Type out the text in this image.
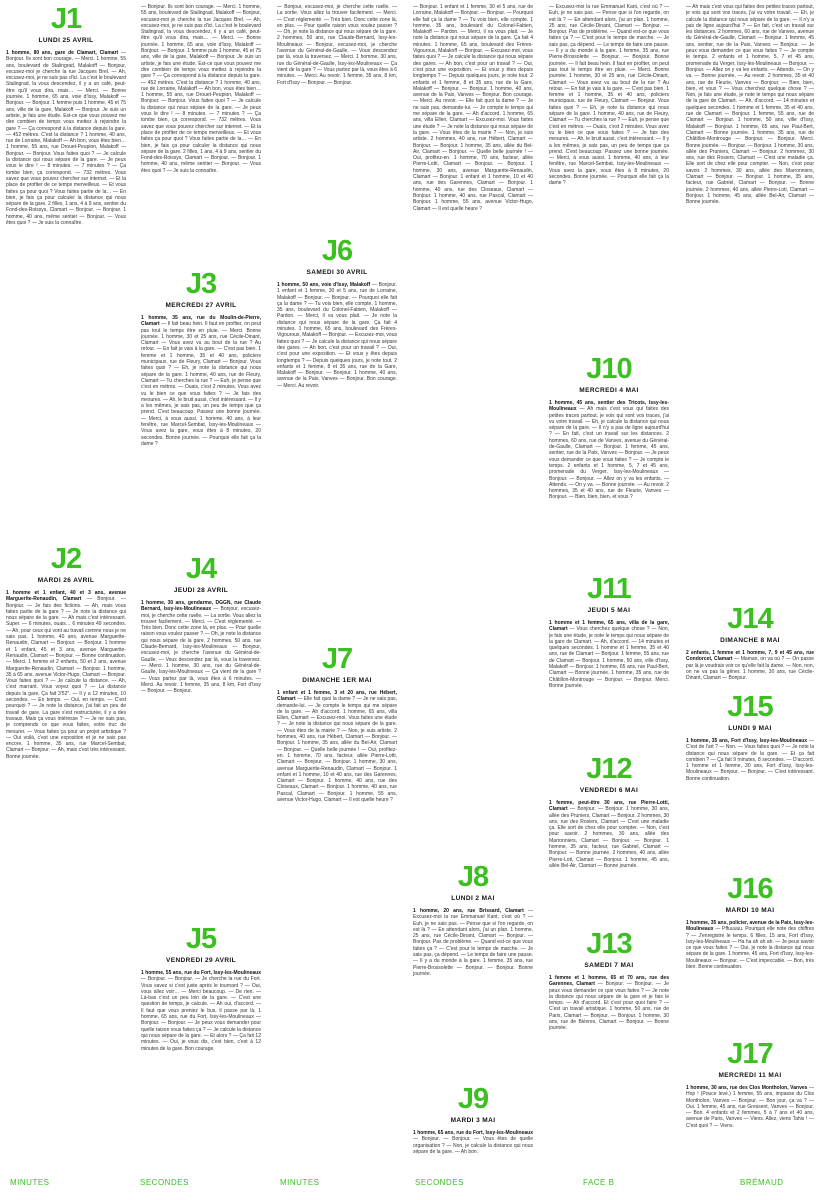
J1
LUNDI 25 AVRIL
1 homme, 80 ans, gare de Clamart, Clamart — Bonjour. Ils sont bon courage. — Merci. 1 homme, 55 ans, boulevard de Stalingrad, Malakoff — Bonjour, excusez-moi je cherche la rue Jacques Brel. — Ah, excusez-moi, je ne suis pas d'ici. La c'est le boulevard Stalingrad, la vous descendez, il y a un café, peut-être qu'il vous dira, mais… — Merci. — Bonne journée. 1 homme, 65 ans, voie d'Issy, Malakoff — Bonjour. — Bonjour. 1 femme puis 1 homme, 45 et 75 ans, ville de la gare, Malakoff — Bonjour. Je suis un artiste, je fais une étude. Est-ce que vous pouvez me dire combien de temps vous mettez à rejoindre la gare ? — Ça correspond à la distance depuis la gare. — 452 mètres. C'est la distance ? 1 homme, 40 ans, rue de Lorraine, Malakoff — Ah bon, vous êtes bien… 1 homme, 55 ans, rue Drouet-Peupion, Malakoff — Bonjour. — Bonjour. Vous faites quoi ? — Je calcule la distance qui nous sépare de la gare. — Je peux vous le dire ! — 8 minutes. — 7 minutes ? — Ça tombe bien, ça correspond. — 732 mètres. Vous savez que vous pouvez chercher sur internet. — Et la place de profiter de ce temps merveilleux. — Et vous faites ça pour quoi ? Vous faites partie de la… — En bien, je fais ça pour calculer la distance qui nous sépare de la gare. 2 filles, 1 ans, 4 à 9 ans, sentier du Fond-des-Roissys, Clamart — Bonjour. — Bonjour. 1 homme, 40 ans, même sentier — Bonjour. — Vous êtes quoi ? — Je suis la connaître.
J2
MARDI 26 AVRIL
1 homme et 1 enfant, 40 et 3 ans, avenue Marguerite-Renaudin, Clamart — Bonjour. — Bonjour. — Je fais des fictions. — Ah, mais vous faites partie de la gare ? — Je note la distance qui nous sépare de la gare. — Ah mais c'est intéressant. Super. — 6 minutes, ouais… 6 minutes 49 secondes. — Ah, pour ceux qui vont au travail comme nous je ne sais pas. 1 homme, 40 ans, avenue Marguerite-Renaudin, Clamart — Bonjour. — Bonjour. 1 homme et 1 enfant, 45 et 3 ans, avenue Marguerite-Renaudin, Clamart — Bonjour. — Bonne continuation. — Merci. 1 femme et 2 enfants, 50 et 2 ans, avenue Marguerite-Renaudin, Clamart — Bonjour. 1 homme, 35 à 65 ans, avenue Victor-Hugo, Clamart — Bonjour. Vous faites quoi ? — Je calcule la distance. — Ah, c'est marrant. Vous voyez quoi ? — La distance depuis la gare. Ça fait 3'52''. — Il y a 12 minutes, 10 secondes. — En temps. — Oui, en temps. — C'est pourquoi ? — Je note la distance, j'ai fait un peu de travail de gare. La gare s'est restructurée, il y a des travaux. Mais ça vous intéresse ? — Je ne sais pas, je comprends ce que vous faites, votre truc de mesurer. — Vous faites ça pour un projet artistique ? — Oui voilà, c'est une exposition et je ne sais pas encore. 1 homme, 35 ans, rue Marcel-Sembat, Clamart — Bonjour. — Ah, mais c'est très intéressant. Bonne journée.
— Bonjour. Ils sont bon courage. — Merci. 1 homme, 55 ans, boulevard de Stalingrad, Malakoff — Bonjour, excusez-moi je cherche la rue Jacques Brel. — Ah, excusez-moi, je ne suis pas d'ici. La c'est le boulevard Stalingrad, la vous descendez, il y a un café, peut-être qu'il vous dira, mais… — Merci. — Bonne journée. 1 homme, 65 ans, voie d'Issy, Malakoff — Bonjour. — Bonjour. 1 femme puis 1 homme, 45 et 75 ans, ville de la gare, Malakoff — Bonjour. Je suis un artiste, je fais une étude. Est-ce que vous pouvez me dire combien de temps vous mettez à rejoindre la gare ? — Ça correspond à la distance depuis la gare. — 452 mètres. C'est la distance ? 1 homme, 40 ans, rue de Lorraine, Malakoff — Ah bon, vous êtes bien… 1 homme, 55 ans, rue Drouet-Peupion, Malakoff — Bonjour. — Bonjour. Vous faites quoi ? — Je calcule la distance qui nous sépare de la gare. — Je peux vous le dire ! — 8 minutes. — 7 minutes ? — Ça tombe bien, ça correspond. — 732 mètres. Vous savez que vous pouvez chercher sur internet. — Et la place de profiter de ce temps merveilleux. — Et vous faites ça pour quoi ? Vous faites partie de la… — En bien, je fais ça pour calculer la distance qui nous sépare de la gare. 2 filles, 1 ans, 4 à 9 ans, sentier du Fond-des-Roissys, Clamart — Bonjour. — Bonjour. 1 homme, 40 ans, même sentier — Bonjour. — Vous êtes quoi ? — Je suis la connaître.
J3
MERCREDI 27 AVRIL
1 homme, 35 ans, rue du Moulin-de-Pierre, Clamart — Il fait beau hein. Il faut en profiter, on peut pas tout le temps être en pluie. — Merci. Bonne journée. 1 homme, 30 et 25 ans, rue Cécile-Dinant, Clamart — Vous avez vu au bout de la rue ? Au retour. — En fait je vais à la gare. — C'est pas bien. 1 femme et 1 homme, 35 et 40 ans, policiers municipaux, rue de Fleury, Clamart — Bonjour. Vous faites quoi ? — Eh, je note la distance qui nous sépare de la gare. 1 homme, 40 ans, rue de Fleury, Clamart — Tu cherches la rue ? — Euh, je pense que c'est en mètres. — Ouais, c'est 2 minutes. Vous avez vu le bien ce que vous faites ? — Je fais des mesures. — Ah, le bruit aussi, c'est intéressant. — Il y a les mêmes, je sais pas, un peu de temps que ça prend. C'est beaucoup. Passez une bonne journée. — Merci, à vous aussi. 1 homme, 40 ans, à leur fenêtre, rue Marcel-Sembat, Issy-les-Moulineaux — Vous avez la gare, vous êtes à 8 minutes, 20 secondes. Bonne journée. — Pourquoi elle fait ça la dame ?
J4
JEUDI 28 AVRIL
1 homme, 30 ans, gendarme, DGGN, rue Claude Bernard, Issy-les-Moulineaux — Bonjour, excusez-moi, je cherche cette ruelle. — La sortie. Vous allez la trouver facilement. — Merci. — C'est réglementé. — Très bien. Donc cette zone là, en plus. — Pour quelle raison vous voulez passer ? — Oh, je note la distance qui nous sépare de la gare. 2 hommes, 50 ans, rue Claude-Bernard, Issy-les-Moulineaux — Bonjour, excusez-moi, je cherche l'avenue du Général-de-Gaulle. — Vous descendez par là, vous la traversez. — Merci. 1 homme, 30 ans, rue du Général-de-Gaulle, Issy-les-Moulineaux — Ça vient de la gare ? — Vous partez par là, vous êtes à 6 minutes. — Merci. Au revoir. 1 femme, 35 ans, 8 km, Fort d'Issy — Bonjour. — Bonjour.
J5
VENDREDI 29 AVRIL
1 homme, 55 ans, rue du Fort, Issy-les-Moulineaux — Bonjour. — Bonjour. — Je cherche la rue du Fort. Vous savez si c'est juste après le tournant ? — Oui, vous allez voir… — Merci beaucoup. — De rien. — Là-bas c'est un peu loin de la gare. — C'est une question de temps, je calcule. — Ah oui, d'accord. — Il faut que vous preniez le bus, il passe par là. 1 homme, 65 ans, rue du Fort, Issy-les-Moulineaux — Bonjour. — Bonjour. — Je peux vous demander pour quelle raison vous faites ça ? — Je calcule la distance qui nous sépare de la gare. — Et alors ? — Ça fait 12 minutes. — Oui, je vous dis, c'est bien, c'est à 12 minutes de la gare. Bon courage.
— Bonjour, excusez-moi, je cherche cette ruelle. — La sortie. Vous allez la trouver facilement. — Merci. — C'est réglementé. — Très bien. Donc cette zone là, en plus. — Pour quelle raison vous voulez passer ? — Oh, je note la distance qui nous sépare de la gare. 2 hommes, 50 ans, rue Claude-Bernard, Issy-les-Moulineaux — Bonjour, excusez-moi, je cherche l'avenue du Général-de-Gaulle. — Vous descendez par là, vous la traversez. — Merci. 1 homme, 30 ans, rue du Général-de-Gaulle, Issy-les-Moulineaux — Ça vient de la gare ? — Vous partez par là, vous êtes à 6 minutes. — Merci. Au revoir. 1 femme, 35 ans, 8 km, Fort d'Issy — Bonjour. — Bonjour.
J6
SAMEDI 30 AVRIL
1 homme, 50 ans, voie d'Issy, Malakoff — Bonjour. 1 enfant et 1 femme, 30 et 5 ans, rue de Lorraine, Malakoff — Bonjour. — Bonjour. — Pourquoi elle fait ça la dame ? — Tu vois bien, elle compte. 1 homme, 35 ans, boulevard du Colonel-Fabien, Malakoff — Pardon. — Merci, il va vous plait. — Je note la distance qui nous sépare de la gare. Ça fait 4 minutes. 1 homme, 65 ans, boulevard des Frères-Vigouroux, Malakoff — Bonjour. — Excusez-moi, vous faites quoi ? — Je calcule la distance qui nous sépare des gares. — Ah bon, c'est pour un travail ? — Oui, c'est pour une exposition. — Et vous y êtes depuis longtemps ? — Depuis quelques jours, je note tout. 2 enfants et 1 femme, 8 et 35 ans, rue de la Gare, Malakoff — Bonjour. — Bonjour. 1 homme, 40 ans, avenue de la Paix, Vanves — Bonjour. Bon courage. — Merci. Au revoir.
J7
DIMANCHE 1ER MAI
1 enfant et 1 femme, 3 et 20 ans, rue Hébert, Clamart — Elle fait quoi la dame ? — Je ne sais pas, demande-lui. — Je compte le temps qui me sépare de la gare. — Ah d'accord. 1 homme, 65 ans, villa Ellen, Clamart — Excusez-moi. Vous faites une étude ? — Je note la distance qui nous sépare de la gare. — Vous êtes de la mairie ? — Non, je suis artiste. 2 hommes, 40 ans, rue Hébert, Clamart — Bonjour. — Bonjour. 1 homme, 35 ans, allée du Bel-Air, Clamart — Bonjour. — Quelle belle journée ! — Oui, profitez-en. 1 homme, 70 ans, facteur, allée Pierre-Lotti, Clamart — Bonjour. — Bonjour. 1 homme, 30 ans, avenue Marguerite-Renaudin, Clamart — Bonjour. 1 enfant et 1 homme, 10 et 40 ans, rue des Garennes, Clamart — Bonjour. 1 homme, 40 ans, rue des Closeaux, Clamart — Bonjour. 1 homme, 40 ans, rue Pascal, Clamart — Bonjour. 1 homme, 55 ans, avenue Victor-Hugo, Clamart — Il est quelle heure ?
— Bonjour. 1 enfant et 1 femme, 30 et 5 ans, rue de Lorraine, Malakoff — Bonjour. — Bonjour. — Pourquoi elle fait ça la dame ? — Tu vois bien, elle compte. 1 homme, 35 ans, boulevard du Colonel-Fabien, Malakoff — Pardon. — Merci, il va vous plait. — Je note la distance qui nous sépare de la gare. Ça fait 4 minutes. 1 homme, 65 ans, boulevard des Frères-Vigouroux, Malakoff — Bonjour. — Excusez-moi, vous faites quoi ? — Je calcule la distance qui nous sépare des gares. — Ah bon, c'est pour un travail ? — Oui, c'est pour une exposition. — Et vous y êtes depuis longtemps ? — Depuis quelques jours, je note tout. 2 enfants et 1 femme, 8 et 35 ans, rue de la Gare, Malakoff — Bonjour. — Bonjour. 1 homme, 40 ans, avenue de la Paix, Vanves — Bonjour. Bon courage. — Merci. Au revoir. — Elle fait quoi la dame ? — Je ne sais pas, demande-lui. — Je compte le temps qui me sépare de la gare. — Ah d'accord. 1 homme, 65 ans, villa Ellen, Clamart — Excusez-moi. Vous faites une étude ? — Je note la distance qui nous sépare de la gare. — Vous êtes de la mairie ? — Non, je suis artiste. 2 hommes, 40 ans, rue Hébert, Clamart — Bonjour. — Bonjour. 1 homme, 35 ans, allée du Bel-Air, Clamart — Bonjour. — Quelle belle journée ! — Oui, profitez-en. 1 homme, 70 ans, facteur, allée Pierre-Lotti, Clamart — Bonjour. — Bonjour. 1 homme, 30 ans, avenue Marguerite-Renaudin, Clamart — Bonjour. 1 enfant et 1 homme, 10 et 40 ans, rue des Garennes, Clamart — Bonjour. 1 homme, 40 ans, rue des Closeaux, Clamart — Bonjour. 1 homme, 40 ans, rue Pascal, Clamart — Bonjour. 1 homme, 55 ans, avenue Victor-Hugo, Clamart — Il est quelle heure ?
J8
LUNDI 2 MAI
1 homme, 20 ans, rue Brissard, Clamart — Excusez-moi la rue Emmanuel Kant, c'est où ? — Euh, je ne sais pas. — Pense que si l'on regarde, on est là ? — En attendant alors, j'ai un plan. 1 homme, 25 ans, rue Cécile-Dinant, Clamart — Bonjour. — Bonjour. Pas de problème. — Quand est-ce que vous faites ça ? — C'est pour le temps de marche. — Je sais pas, ça dépend. — Le temps de faire une pause. — Il y a du monde à la gare. 1 femme, 35 ans, rue Pierre-Brossolette — Bonjour. — Bonjour. Bonne journée.
J9
MARDI 3 MAI
1 homme, 65 ans, rue du Fort, Issy-les-Moulineaux — Bonjour. — Bonjour. — Vous êtes de quelle organisation ? — Non, je calcule la distance qui nous sépare de la gare. — Ah bon.
— Excusez-moi la rue Emmanuel Kant, c'est où ? — Euh, je ne sais pas. — Pense que si l'on regarde, on est là ? — En attendant alors, j'ai un plan. 1 homme, 25 ans, rue Cécile-Dinant, Clamart — Bonjour. — Bonjour. Pas de problème. — Quand est-ce que vous faites ça ? — C'est pour le temps de marche. — Je sais pas, ça dépend. — Le temps de faire une pause. — Il y a du monde à la gare. 1 femme, 35 ans, rue Pierre-Brossolette — Bonjour. — Bonjour. Bonne journée. — Il fait beau hein. Il faut en profiter, on peut pas tout le temps être en pluie. — Merci. Bonne journée. 1 homme, 30 et 25 ans, rue Cécile-Dinant, Clamart — Vous avez vu au bout de la rue ? Au retour. — En fait je vais à la gare. — C'est pas bien. 1 femme et 1 homme, 35 et 40 ans, policiers municipaux, rue de Fleury, Clamart — Bonjour. Vous faites quoi ? — Eh, je note la distance qui nous sépare de la gare. 1 homme, 40 ans, rue de Fleury, Clamart — Tu cherches la rue ? — Euh, je pense que c'est en mètres. — Ouais, c'est 2 minutes. Vous avez vu le bien ce que vous faites ? — Je fais des mesures. — Ah, le bruit aussi, c'est intéressant. — Il y a les mêmes, je sais pas, un peu de temps que ça prend. C'est beaucoup. Passez une bonne journée. — Merci, à vous aussi. 1 homme, 40 ans, à leur fenêtre, rue Marcel-Sembat, Issy-les-Moulineaux — Vous avez la gare, vous êtes à 8 minutes, 20 secondes. Bonne journée. — Pourquoi elle fait ça la dame ?
J10
MERCREDI 4 MAI
1 homme, 45 ans, sentier des Tricots, Issy-les-Moulineaux — Ah mais c'est vous qui faites des petites traces partout, je vois qui sont vos traces, j'ai vu votre travail. — Eh, je calcule la distance qui nous sépare de la gare. — Il n'y a pas de ligne aujourd'hui ? — En fait, c'est un travail sur les distances. 2 hommes, 60 ans, rue de Vanves, avenue du Général-de-Gaulle, Clamart — Bonjour. 1 femme, 45 ans, sentier, rue de la Paix, Vanves — Bonjour. — Je peux vous demander ce que vous faites ? — Je compte le temps. 2 enfants et 1 homme, 5, 7 et 45 ans, promenade du Verger, Issy-les-Moulineaux — Bonjour. — Bonjour. — Allez on y va les enfants. — Attends. — On y va. — Bonne journée. — Au revoir. 2 hommes, 35 et 40 ans, rue de Fleurie, Vanves — Bonjour. — Bien, bien, bien, et vous ?
J11
JEUDI 5 MAI
1 homme et 1 femme, 65 ans, villa de la gare, Clamart — Vous cherchez quelque chose ? — Non, je fais une étude, je note le temps qui nous sépare de la gare de Clamart. — Ah, d'accord. — 14 minutes et quelques secondes. 1 homme et 1 femme, 35 et 40 ans, rue de Clamart — Bonjour. 1 femme, 55 ans, rue de Clamart — Bonjour. 1 homme, 50 ans, ville d'Issy, Malakoff — Bonjour. 1 homme, 65 ans, rue Paul-Bert, Clamart — Bonne journée. 1 homme, 35 ans, rue de Châtillon-Montrouge — Bonjour. — Bonjour. Merci. Bonne journée.
J12
VENDREDI 6 MAI
1 femme, peut-être 30 ans, rue Pierre-Lotti, Clamart — Bonjour. — Bonjour. 1 homme, 30 ans, allée des Pruniers, Clamart — Bonjour. 2 hommes, 30 ans, rue des Rosiers, Clamart — C'est une maladie ça. Elle sort de chez elle pour compter. — Non, c'est pour savoir. 2 hommes, 30 ans, allée des Marronniers, Clamart — Bonjour. — Bonjour. 1 homme, 35 ans, facteur, rue Gabriel, Clamart — Bonjour. — Bonne journée. 2 hommes, 40 ans, allée Pierre-Loti, Clamart — Bonjour. 1 homme, 45 ans, allée Bel-Air, Clamart — Bonne journée.
J13
SAMEDI 7 MAI
1 femme et 1 homme, 65 et 70 ans, rue des Garennes, Clamart — Bonjour. — Bonjour. — Je peux vous demander ce que vous faites ? — Je note la distance qui nous sépare de la gare et je fais le temps. — Ah d'accord. Et c'est pour quoi faire ? — C'est un travail artistique. 1 homme, 50 ans, rue de Paris, Clamart — Bonjour. — Bonjour. 1 homme, 30 ans, rue de Bièvres, Clamart — Bonjour. — Bonne journée.
— Ah mais c'est vous qui faites des petites traces partout, je vois qui sont vos traces, j'ai vu votre travail. — Eh, je calcule la distance qui nous sépare de la gare. — Il n'y a pas de ligne aujourd'hui ? — En fait, c'est un travail sur les distances. 2 hommes, 60 ans, rue de Vanves, avenue du Général-de-Gaulle, Clamart — Bonjour. 1 femme, 45 ans, sentier, rue de la Paix, Vanves — Bonjour. — Je peux vous demander ce que vous faites ? — Je compte le temps. 2 enfants et 1 homme, 5, 7 et 45 ans, promenade du Verger, Issy-les-Moulineaux — Bonjour. — Bonjour. — Allez on y va les enfants. — Attends. — On y va. — Bonne journée. — Au revoir. 2 hommes, 35 et 40 ans, rue de Fleurie, Vanves — Bonjour. — Bien, bien, bien, et vous ? — Vous cherchez quelque chose ? — Non, je fais une étude, je note le temps qui nous sépare de la gare de Clamart. — Ah, d'accord. — 14 minutes et quelques secondes. 1 homme et 1 femme, 35 et 40 ans, rue de Clamart — Bonjour. 1 femme, 55 ans, rue de Clamart — Bonjour. 1 homme, 50 ans, ville d'Issy, Malakoff — Bonjour. 1 homme, 65 ans, rue Paul-Bert, Clamart — Bonne journée. 1 homme, 35 ans, rue de Châtillon-Montrouge — Bonjour. — Bonjour. Merci. Bonne journée. — Bonjour. — Bonjour. 1 homme, 30 ans, allée des Pruniers, Clamart — Bonjour. 2 hommes, 30 ans, rue des Rosiers, Clamart — C'est une maladie ça. Elle sort de chez elle pour compter. — Non, c'est pour savoir. 2 hommes, 30 ans, allée des Marronniers, Clamart — Bonjour. — Bonjour. 1 homme, 35 ans, facteur, rue Gabriel, Clamart — Bonjour. — Bonne journée. 2 hommes, 40 ans, allée Pierre-Loti, Clamart — Bonjour. 1 homme, 45 ans, allée Bel-Air, Clamart — Bonne journée.
J14
DIMANCHE 8 MAI
2 enfants, 1 femme et 1 homme, 7, 9 et 45 ans, rue Condorcet, Clamart — Maman, on va où ? — On passe par là je voudrais voir ce qu'elle fait la dame. — Non, non, on ne va pas la gêner. 1 homme, 30 ans, rue Cécile-Dinant, Clamart — Bonjour.
J15
LUNDI 9 MAI
1 homme, 35 ans, Fort d'Issy, Issy-les-Moulineaux — C'est de l'art ? — Non. — Vous faites quoi ? — Je note la distance qui nous sépare de la gare. — Et ça fait combien ? — Ça fait 9 minutes, 8 secondes. — D'accord. 1 homme et 1 femme, 30 ans, Fort d'Issy, Issy-les-Moulineaux — Bonjour. — Bonjour. — C'est intéressant. Bonne continuation.
J16
MARDI 10 MAI
1 homme, 35 ans, policier, avenue de la Paix, Issy-les-Moulineaux — Pffuuuuu. Pourquoi elle note des chiffres ? — J'enregistre le temps. 6 filles, 15 ans, Fort d'Issy, Issy-les-Moulineaux — Ha ha ah ah ah. — Je peux savoir ce que vous faites ? — Oui, je note la distance qui nous sépare de la gare. 1 homme, 45 ans, Fort d'Issy, Issy-les-Moulineaux — Bonjour. — C'est impeccable. — Bon, très bien. Bonne continuation.
J17
MERCREDI 11 MAI
1 homme, 30 ans, rue des Clos Montholon, Vanves — Hop ! (Pouce levé.) 1 femme, 55 ans, impasse du Clos Montholon, Vanves — Bonjour. — Bon jour, ça va ? — Oui. 1 femme, 45 ans, rue Gressent, Vanves — Bonjour. — Bon. 4 enfants et 2 femmes, 5 à 7 ans et 40 ans, avenue de Paris, Vanves — Viens. Allez, viens Tahis ! — C'est quoi ? — Viens.
MINUTES	SECONDES	MINUTES	SECONDES	FACE B	BRÉMAUD
